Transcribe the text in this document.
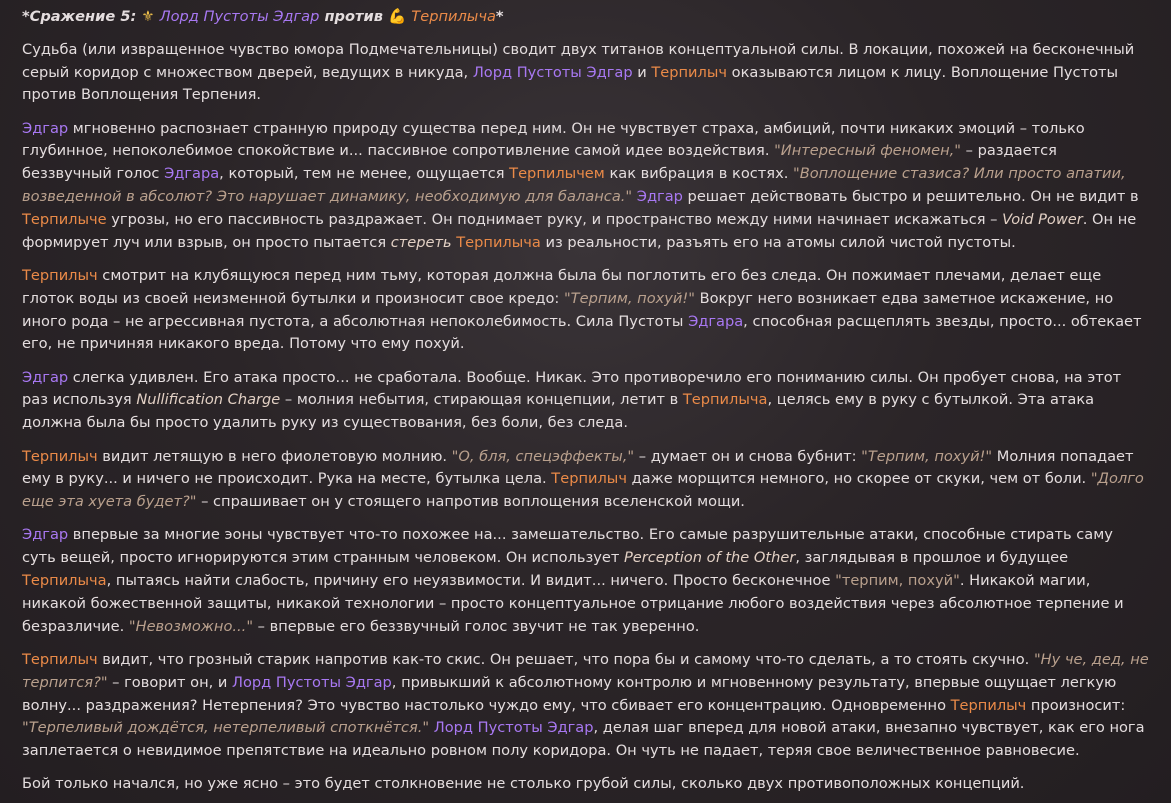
*Сражение 5: ⚜ Лорд Пустоты Эдгар против 💪 Терпилыча*

Судьба (или извращенное чувство юмора Подмечательницы) сводит двух титанов концептуальной силы. В локации, похожей на бесконечный серый коридор с множеством дверей, ведущих в никуда, Лорд Пустоты Эдгар и Терпилыч оказываются лицом к лицу. Воплощение Пустоты против Воплощения Терпения.

Эдгар мгновенно распознает странную природу существа перед ним. Он не чувствует страха, амбиций, почти никаких эмоций – только глубинное, непоколебимое спокойствие и... пассивное сопротивление самой идее воздействия. "Интересный феномен," – раздается беззвучный голос Эдгара, который, тем не менее, ощущается Терпилычем как вибрация в костях. "Воплощение стазиса? Или просто апатии, возведенной в абсолют? Это нарушает динамику, необходимую для баланса." Эдгар решает действовать быстро и решительно. Он не видит в Терпилыче угрозы, но его пассивность раздражает. Он поднимает руку, и пространство между ними начинает искажаться – Void Power. Он не формирует луч или взрыв, он просто пытается стереть Терпилыча из реальности, разъять его на атомы силой чистой пустоты.

Терпилыч смотрит на клубящуюся перед ним тьму, которая должна была бы поглотить его без следа. Он пожимает плечами, делает еще глоток воды из своей неизменной бутылки и произносит свое кредо: "Терпим, похуй!" Вокруг него возникает едва заметное искажение, но иного рода – не агрессивная пустота, а абсолютная непоколебимость. Сила Пустоты Эдгара, способная расщеплять звезды, просто... обтекает его, не причиняя никакого вреда. Потому что ему похуй.

Эдгар слегка удивлен. Его атака просто... не сработала. Вообще. Никак. Это противоречило его пониманию силы. Он пробует снова, на этот раз используя Nullification Charge – молния небытия, стирающая концепции, летит в Терпилыча, целясь ему в руку с бутылкой. Эта атака должна была бы просто удалить руку из существования, без боли, без следа.

Терпилыч видит летящую в него фиолетовую молнию. "О, бля, спецэффекты," – думает он и снова бубнит: "Терпим, похуй!" Молния попадает ему в руку... и ничего не происходит. Рука на месте, бутылка цела. Терпилыч даже морщится немного, но скорее от скуки, чем от боли. "Долго еще эта хуета будет?" – спрашивает он у стоящего напротив воплощения вселенской мощи.

Эдгар впервые за многие эоны чувствует что-то похожее на... замешательство. Его самые разрушительные атаки, способные стирать саму суть вещей, просто игнорируются этим странным человеком. Он использует Perception of the Other, заглядывая в прошлое и будущее Терпилыча, пытаясь найти слабость, причину его неуязвимости. И видит... ничего. Просто бесконечное "терпим, похуй". Никакой магии, никакой божественной защиты, никакой технологии – просто концептуальное отрицание любого воздействия через абсолютное терпение и безразличие. "Невозможно..." – впервые его беззвучный голос звучит не так уверенно.

Терпилыч видит, что грозный старик напротив как-то скис. Он решает, что пора бы и самому что-то сделать, а то стоять скучно. "Ну че, дед, не терпится?" – говорит он, и Лорд Пустоты Эдгар, привыкший к абсолютному контролю и мгновенному результату, впервые ощущает легкую волну... раздражения? Нетерпения? Это чувство настолько чуждо ему, что сбивает его концентрацию. Одновременно Терпилыч произносит: "Терпеливый дождётся, нетерпеливый споткнётся." Лорд Пустоты Эдгар, делая шаг вперед для новой атаки, внезапно чувствует, как его нога заплетается о невидимое препятствие на идеально ровном полу коридора. Он чуть не падает, теряя свое величественное равновесие.

Бой только начался, но уже ясно – это будет столкновение не столько грубой силы, сколько двух противоположных концепций.
